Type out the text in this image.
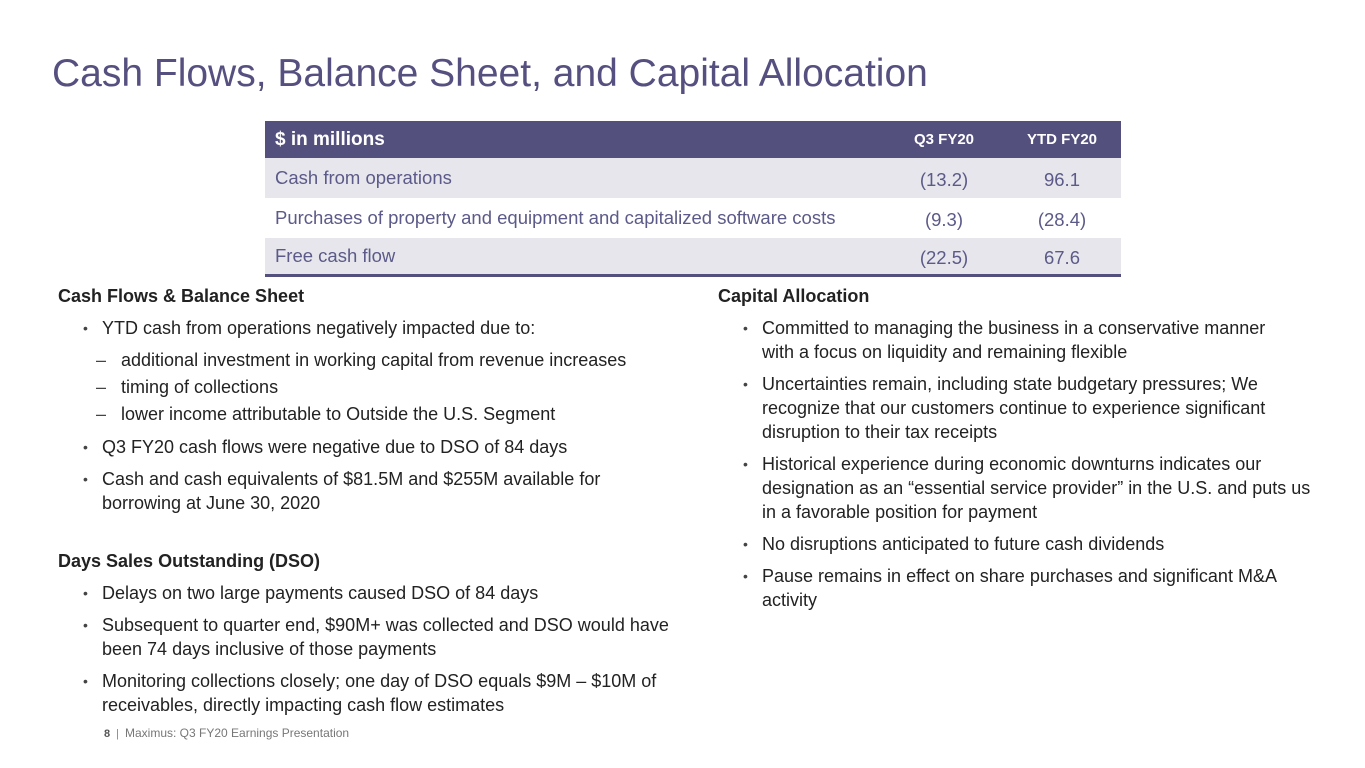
Cash Flows, Balance Sheet, and Capital Allocation
$ in millions	Q3 FY20	YTD FY20
Cash from operations	(13.2)	96.1
Purchases of property and equipment and capitalized software costs	(9.3)	(28.4)
Free cash flow	(22.5)	67.6
Cash Flows & Balance Sheet
• YTD cash from operations negatively impacted due to:
– additional investment in working capital from revenue increases
– timing of collections
– lower income attributable to Outside the U.S. Segment
• Q3 FY20 cash flows were negative due to DSO of 84 days
• Cash and cash equivalents of $81.5M and $255M available for borrowing at June 30, 2020
Days Sales Outstanding (DSO)
• Delays on two large payments caused DSO of 84 days
• Subsequent to quarter end, $90M+ was collected and DSO would have been 74 days inclusive of those payments
• Monitoring collections closely; one day of DSO equals $9M – $10M of receivables, directly impacting cash flow estimates
Capital Allocation
• Committed to managing the business in a conservative manner with a focus on liquidity and remaining flexible
• Uncertainties remain, including state budgetary pressures; We recognize that our customers continue to experience significant disruption to their tax receipts
• Historical experience during economic downturns indicates our designation as an “essential service provider” in the U.S. and puts us in a favorable position for payment
• No disruptions anticipated to future cash dividends
• Pause remains in effect on share purchases and significant M&A activity
8 | Maximus: Q3 FY20 Earnings Presentation
